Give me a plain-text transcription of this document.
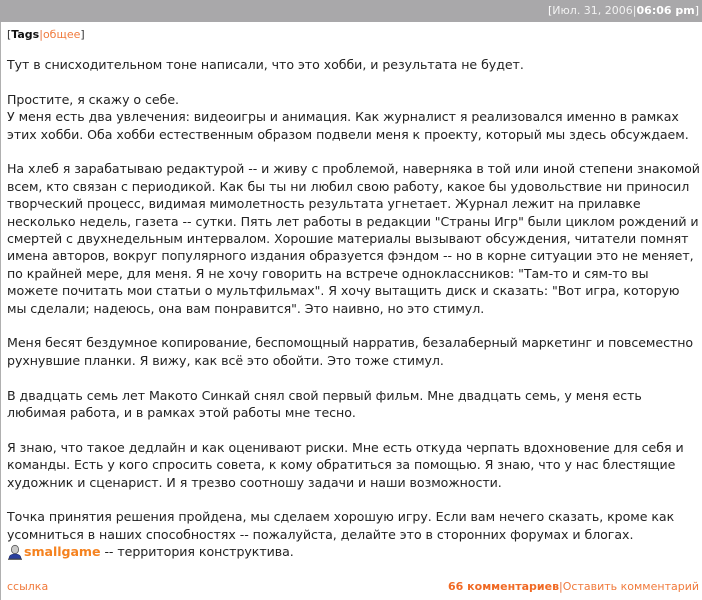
[Июл. 31, 2006|06:06 pm]
[Tags|общее]

Тут в снисходительном тоне написали, что это хобби, и результата не будет.

Простите, я скажу о себе.

У меня есть два увлечения: видеоигры и анимация. Как журналист я реализовался именно в рамках этих хобби. Оба хобби естественным образом подвели меня к проекту, который мы здесь обсуждаем.

На хлеб я зарабатываю редактурой -- и живу с проблемой, наверняка в той или иной степени знакомой всем, кто связан с периодикой. Как бы ты ни любил свою работу, какое бы удовольствие ни приносил творческий процесс, видимая мимолетность результата угнетает. Журнал лежит на прилавке несколько недель, газета -- сутки. Пять лет работы в редакции "Страны Игр" были циклом рождений и смертей с двухнедельным интервалом. Хорошие материалы вызывают обсуждения, читатели помнят имена авторов, вокруг популярного издания образуется фэндом -- но в корне ситуации это не меняет, по крайней мере, для меня. Я не хочу говорить на встрече одноклассников: "Там-то и сям-то вы можете почитать мои статьи о мультфильмах". Я хочу вытащить диск и сказать: "Вот игра, которую мы сделали; надеюсь, она вам понравится". Это наивно, но это стимул.

Меня бесят бездумное копирование, беспомощный нарратив, безалаберный маркетинг и повсеместно рухнувшие планки. Я вижу, как всё это обойти. Это тоже стимул.

В двадцать семь лет Макото Синкай снял свой первый фильм. Мне двадцать семь, у меня есть любимая работа, и в рамках этой работы мне тесно.

Я знаю, что такое дедлайн и как оценивают риски. Мне есть откуда черпать вдохновение для себя и команды. Есть у кого спросить совета, к кому обратиться за помощью. Я знаю, что у нас блестящие художник и сценарист. И я трезво соотношу задачи и наши возможности.

Точка принятия решения пройдена, мы сделаем хорошую игру. Если вам нечего сказать, кроме как усомниться в наших способностях -- пожалуйста, делайте это в сторонних форумах и блогах.

smallgame -- территория конструктива.
ссылка	66 комментариев|Оставить комментарий
